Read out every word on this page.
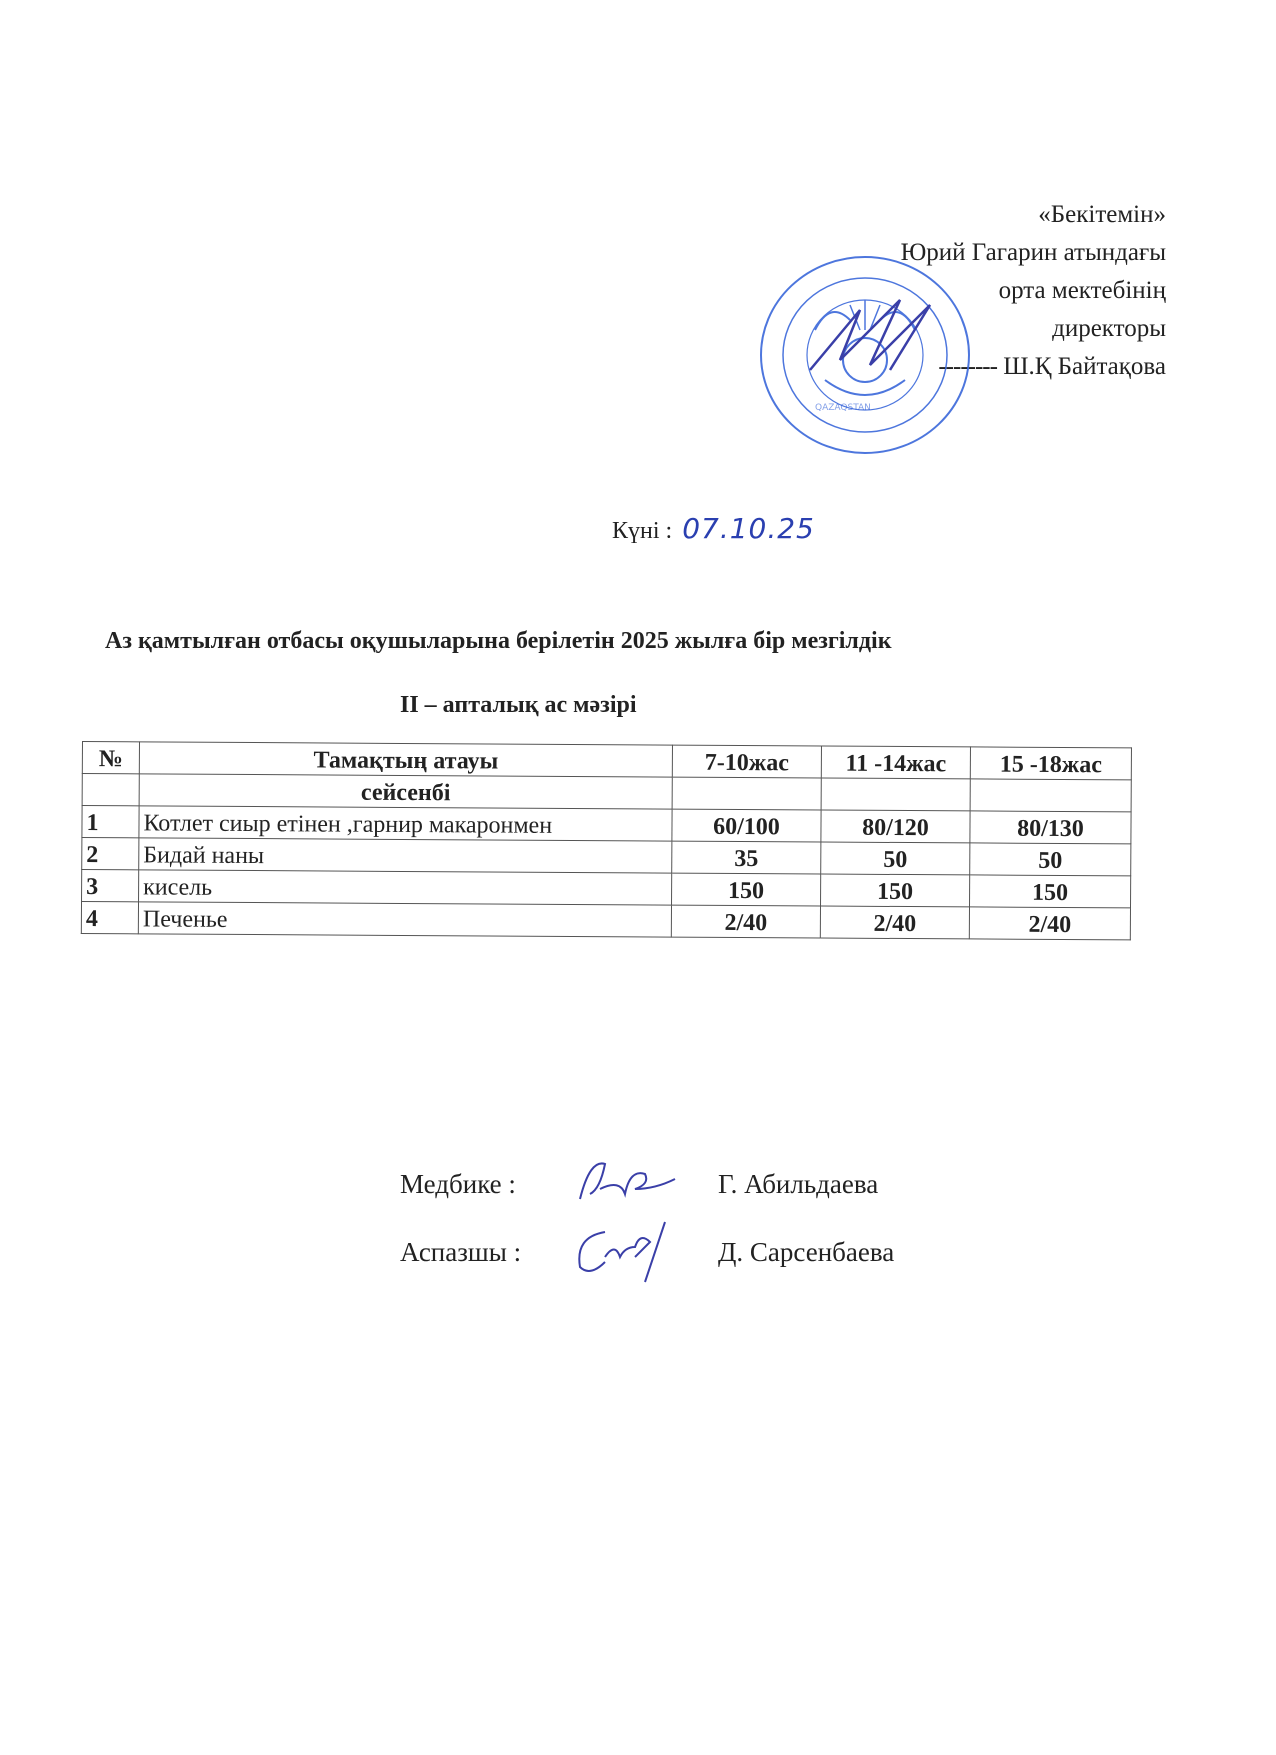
«Бекітемін»
Юрий Гагарин атындағы
орта мектебінің
директоры
-------- Ш.Қ Байтақова
QAZAQSTAN
Күні : 07.10.25
Аз қамтылған отбасы оқушыларына берілетін 2025 жылға бір мезгілдік
ІІ – апталық ас мәзірі
№	Тамақтың атауы	7-10жас	11 -14жас	15 -18жас
	сейсенбі			
1	Котлет сиыр етінен ,гарнир макаронмен	60/100	80/120	80/130
2	Бидай наны	35	50	50
3	кисель	150	150	150
4	Печенье	2/40	2/40	2/40
Медбике :	Г. Абильдаева
Аспазшы :	Д. Сарсенбаева
